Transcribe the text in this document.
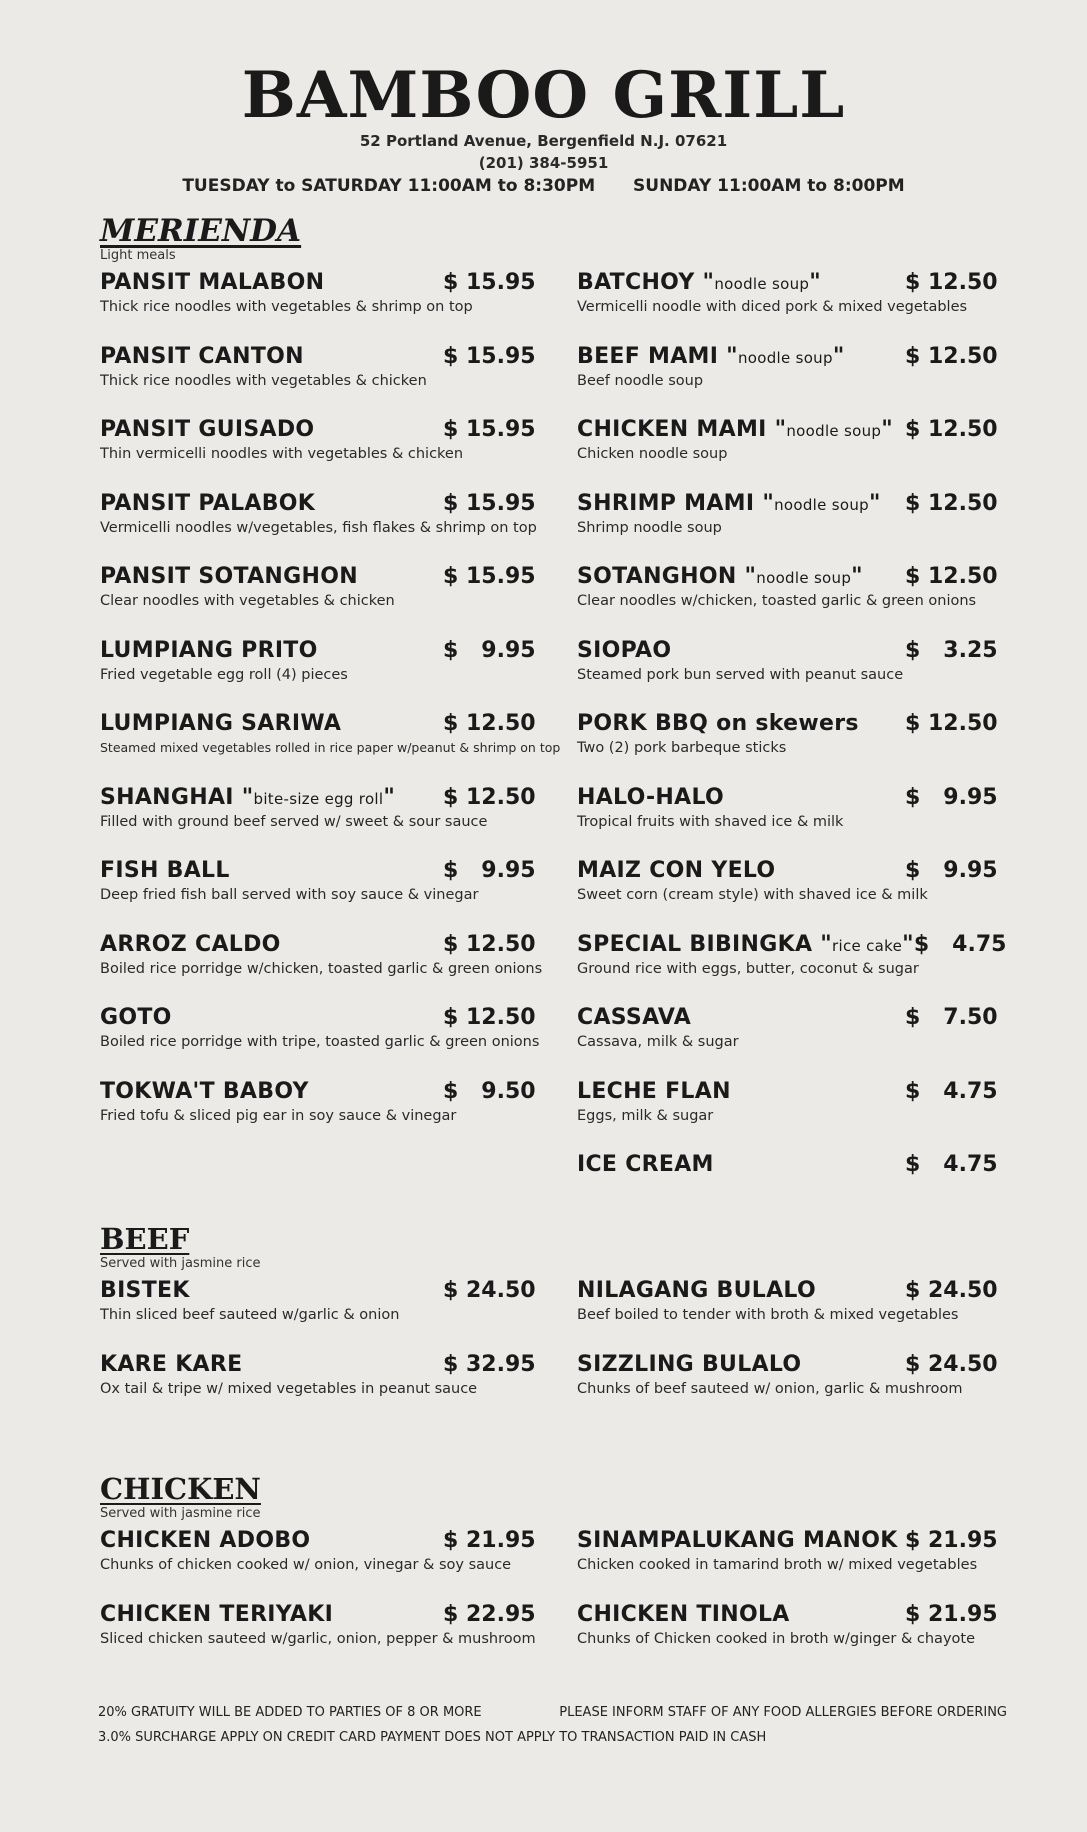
BAMBOO GRILL
52 Portland Avenue, Bergenfield N.J. 07621
(201) 384-5951
TUESDAY to SATURDAY 11:00AM to 8:30PM SUNDAY 11:00AM to 8:00PM
MERIENDA
Light meals
PANSIT MALABON	$ 15.95
Thick rice noodles with vegetables & shrimp on top
PANSIT CANTON	$ 15.95
Thick rice noodles with vegetables & chicken
PANSIT GUISADO	$ 15.95
Thin vermicelli noodles with vegetables & chicken
PANSIT PALABOK	$ 15.95
Vermicelli noodles w/vegetables, fish flakes & shrimp on top
PANSIT SOTANGHON	$ 15.95
Clear noodles with vegetables & chicken
LUMPIANG PRITO	$   9.95
Fried vegetable egg roll (4) pieces
LUMPIANG SARIWA	$ 12.50
Steamed mixed vegetables rolled in rice paper w/peanut & shrimp on top
SHANGHAI "bite-size egg roll" $ 12.50
Filled with ground beef served w/ sweet & sour sauce
FISH BALL	$   9.95
Deep fried fish ball served with soy sauce & vinegar
ARROZ CALDO	$ 12.50
Boiled rice porridge w/chicken, toasted garlic & green onions
GOTO	$ 12.50
Boiled rice porridge with tripe, toasted garlic & green onions
TOKWA'T BABOY	$   9.50
Fried tofu & sliced pig ear in soy sauce & vinegar
BATCHOY "noodle soup"	$ 12.50
Vermicelli noodle with diced pork & mixed vegetables
BEEF MAMI "noodle soup"	$ 12.50
Beef noodle soup
CHICKEN MAMI "noodle soup" $ 12.50
Chicken noodle soup
SHRIMP MAMI "noodle soup" $ 12.50
Shrimp noodle soup
SOTANGHON "noodle soup" $ 12.50
Clear noodles w/chicken, toasted garlic & green onions
SIOPAO	$   3.25
Steamed pork bun served with peanut sauce
PORK BBQ on skewers $ 12.50
Two (2) pork barbeque sticks
HALO-HALO	$   9.95
Tropical fruits with shaved ice & milk
MAIZ CON YELO	$   9.95
Sweet corn (cream style) with shaved ice & milk
SPECIAL BIBINGKA "rice cake" $   4.75
Ground rice with eggs, butter, coconut & sugar
CASSAVA	$   7.50
Cassava, milk & sugar
LECHE FLAN	$   4.75
Eggs, milk & sugar
ICE CREAM	$   4.75
BEEF
Served with jasmine rice
BISTEK	$ 24.50
Thin sliced beef sauteed w/garlic & onion
KARE KARE	$ 32.95
Ox tail & tripe w/ mixed vegetables in peanut sauce
NILAGANG BULALO	$ 24.50
Beef boiled to tender with broth & mixed vegetables
SIZZLING BULALO	$ 24.50
Chunks of beef sauteed w/ onion, garlic & mushroom
CHICKEN
Served with jasmine rice
CHICKEN ADOBO	$ 21.95
Chunks of chicken cooked w/ onion, vinegar & soy sauce
CHICKEN TERIYAKI	$ 22.95
Sliced chicken sauteed w/garlic, onion, pepper & mushroom
SINAMPALUKANG MANOK $ 21.95
Chicken cooked in tamarind broth w/ mixed vegetables
CHICKEN TINOLA	$ 21.95
Chunks of Chicken cooked in broth w/ginger & chayote
20% GRATUITY WILL BE ADDED TO PARTIES OF 8 OR MORE	PLEASE INFORM STAFF OF ANY FOOD ALLERGIES BEFORE ORDERING
3.0% SURCHARGE APPLY ON CREDIT CARD PAYMENT DOES NOT APPLY TO TRANSACTION PAID IN CASH
